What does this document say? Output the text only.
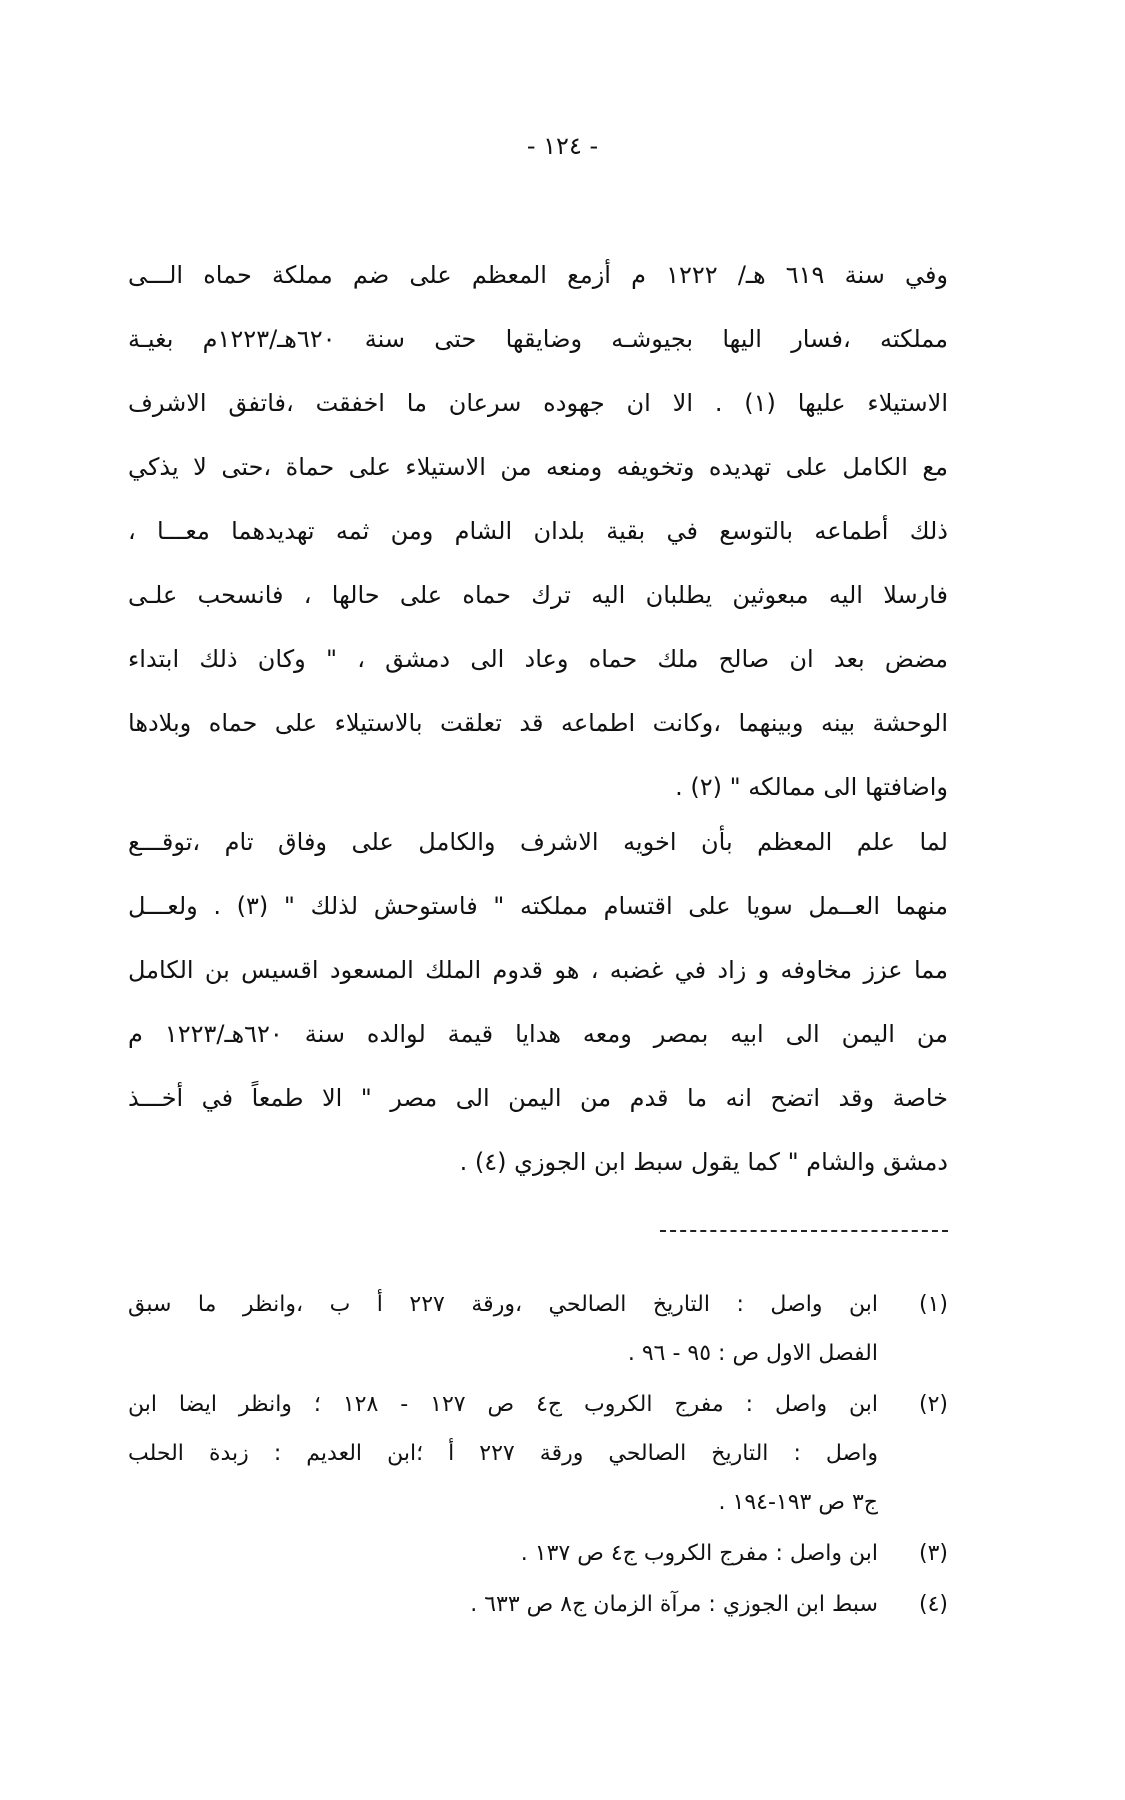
- ١٢٤ -
وفي سنة ٦١٩ هـ/ ١٢٢٢ م أزمع المعظم على ضم مملكة حماه الـــى
مملكته ،فسار اليها بجيوشـه وضايقها حتى سنة ٦٢٠هـ/١٢٢٣م بغيـة
الاستيلاء عليها (١) . الا ان جهوده سرعان ما اخفقت ،فاتفق الاشرف
مع الكامل على تهديده وتخويفه ومنعه من الاستيلاء على حماة ،حتى لا يذكي
ذلك أطماعه بالتوسع في بقية بلدان الشام ومن ثمه تهديدهما معـــا ،
فارسلا اليه مبعوثين يطلبان اليه ترك حماه على حالها ، فانسحب علـى
مضض بعد ان صالح ملك حماه وعاد الى دمشق ، " وكان ذلك ابتداء
الوحشة بينه وبينهما ،وكانت اطماعه قد تعلقت بالاستيلاء على حماه وبلادها
واضافتها الى ممالكه " (٢) .
لما علم المعظم بأن اخويه الاشرف والكامل على وفاق تام ،توقـــع
منهما العــمل سويا على اقتسام مملكته " فاستوحش لذلك " (٣) . ولعـــل
مما عزز مخاوفه و زاد في غضبه ، هو قدوم الملك المسعود اقسيس بن الكامل
من اليمن الى ابيه بمصر ومعه هدايا قيمة لوالده سنة ٦٢٠هـ/١٢٢٣ م
خاصة وقد اتضح انه ما قدم من اليمن الى مصر " الا طمعاً في أخـــذ
دمشق والشام " كما يقول سبط ابن الجوزي (٤) .
(١)
ابن واصل : التاريخ الصالحي ،ورقة ٢٢٧ أ ب ،وانظر ما سبق
الفصل الاول ص : ٩٥ - ٩٦ .
(٢)
ابن واصل : مفرج الكروب ج٤ ص ١٢٧ - ١٢٨ ؛ وانظر ايضا ابن
واصل : التاريخ الصالحي ورقة ٢٢٧ أ ؛ابن العديم : زبدة الحلب
ج٣ ص ١٩٣-١٩٤ .
(٣)
ابن واصل : مفرج الكروب ج٤ ص ١٣٧ .
(٤)
سبط ابن الجوزي : مرآة الزمان ج٨ ص ٦٣٣ .
